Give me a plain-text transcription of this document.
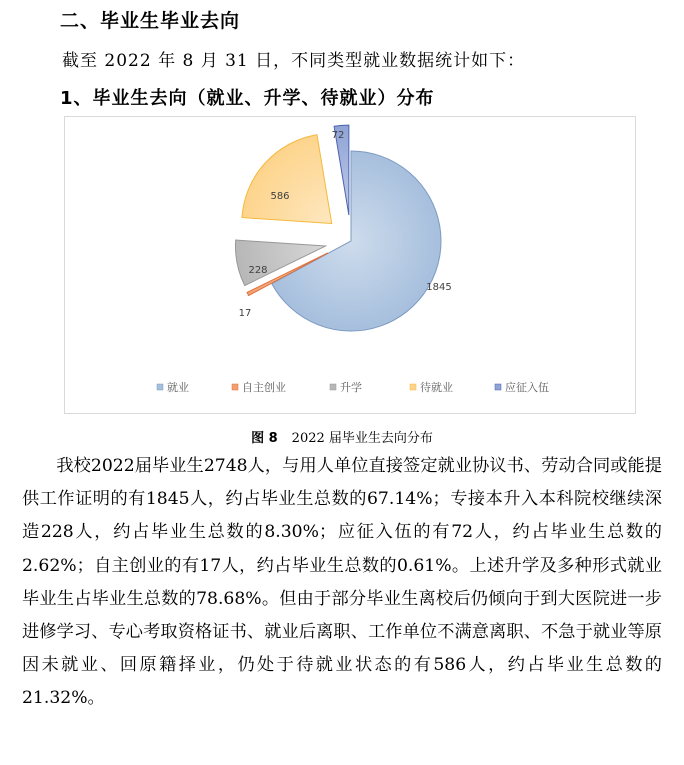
二、毕业生毕业去向
截至 2022 年 8 月 31 日，不同类型就业数据统计如下：
1、毕业生去向（就业、升学、待就业）分布
1845
17
228
586
72
就业	自主创业	升学	待就业	应征入伍
图 8 2022 届毕业生去向分布
我校2022届毕业生2748人，与用人单位直接签定就业协议书、劳动合同或能提供工作证明的有1845人，约占毕业生总数的67.14%；专接本升入本科院校继续深造228人，约占毕业生总数的8.30%；应征入伍的有72人，约占毕业生总数的2.62%；自主创业的有17人，约占毕业生总数的0.61%。上述升学及多种形式就业毕业生占毕业生总数的78.68%。但由于部分毕业生离校后仍倾向于到大医院进一步进修学习、专心考取资格证书、就业后离职、工作单位不满意离职、不急于就业等原因未就业、回原籍择业，仍处于待就业状态的有586人，约占毕业生总数的21.32%。
